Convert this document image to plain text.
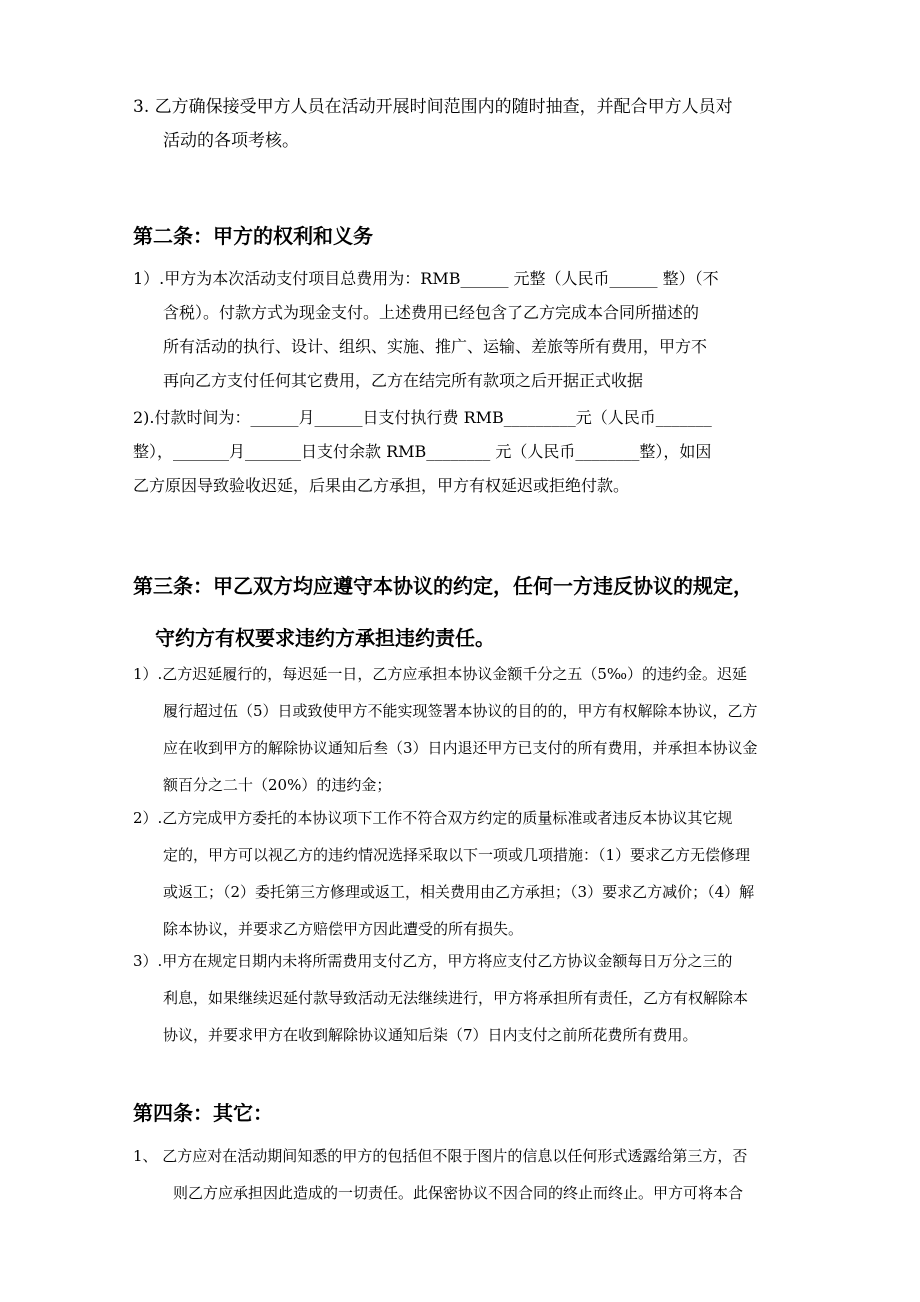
3. 乙方确保接受甲方人员在活动开展时间范围内的随时抽查，并配合甲方人员对
活动的各项考核。
第二条：甲方的权利和义务
1）.甲方为本次活动支付项目总费用为：RMB______ 元整（人民币______ 整）（不
含税）。付款方式为现金支付。上述费用已经包含了乙方完成本合同所描述的
所有活动的执行、设计、组织、实施、推广、运输、差旅等所有费用，甲方不
再向乙方支付任何其它费用，乙方在结完所有款项之后开据正式收据
2).付款时间为：______月______日支付执行费 RMB_________元（人民币_______
整），_______月_______日支付余款 RMB________ 元（人民币________整），如因
乙方原因导致验收迟延，后果由乙方承担，甲方有权延迟或拒绝付款。
第三条：甲乙双方均应遵守本协议的约定，任何一方违反协议的规定，
守约方有权要求违约方承担违约责任。
1）.乙方迟延履行的，每迟延一日，乙方应承担本协议金额千分之五（5‰）的违约金。迟延
履行超过伍（5）日或致使甲方不能实现签署本协议的目的的，甲方有权解除本协议，乙方
应在收到甲方的解除协议通知后叁（3）日内退还甲方已支付的所有费用，并承担本协议金
额百分之二十（20%）的违约金；
2）.乙方完成甲方委托的本协议项下工作不符合双方约定的质量标准或者违反本协议其它规
定的，甲方可以视乙方的违约情况选择采取以下一项或几项措施：（1）要求乙方无偿修理
或返工；（2）委托第三方修理或返工，相关费用由乙方承担；（3）要求乙方减价；（4）解
除本协议，并要求乙方赔偿甲方因此遭受的所有损失。
3）.甲方在规定日期内未将所需费用支付乙方，甲方将应支付乙方协议金额每日万分之三的
利息，如果继续迟延付款导致活动无法继续进行，甲方将承担所有责任，乙方有权解除本
协议，并要求甲方在收到解除协议通知后柒（7）日内支付之前所花费所有费用。
第四条：其它：
1、 乙方应对在活动期间知悉的甲方的包括但不限于图片的信息以任何形式透露给第三方，否
则乙方应承担因此造成的一切责任。此保密协议不因合同的终止而终止。甲方可将本合
